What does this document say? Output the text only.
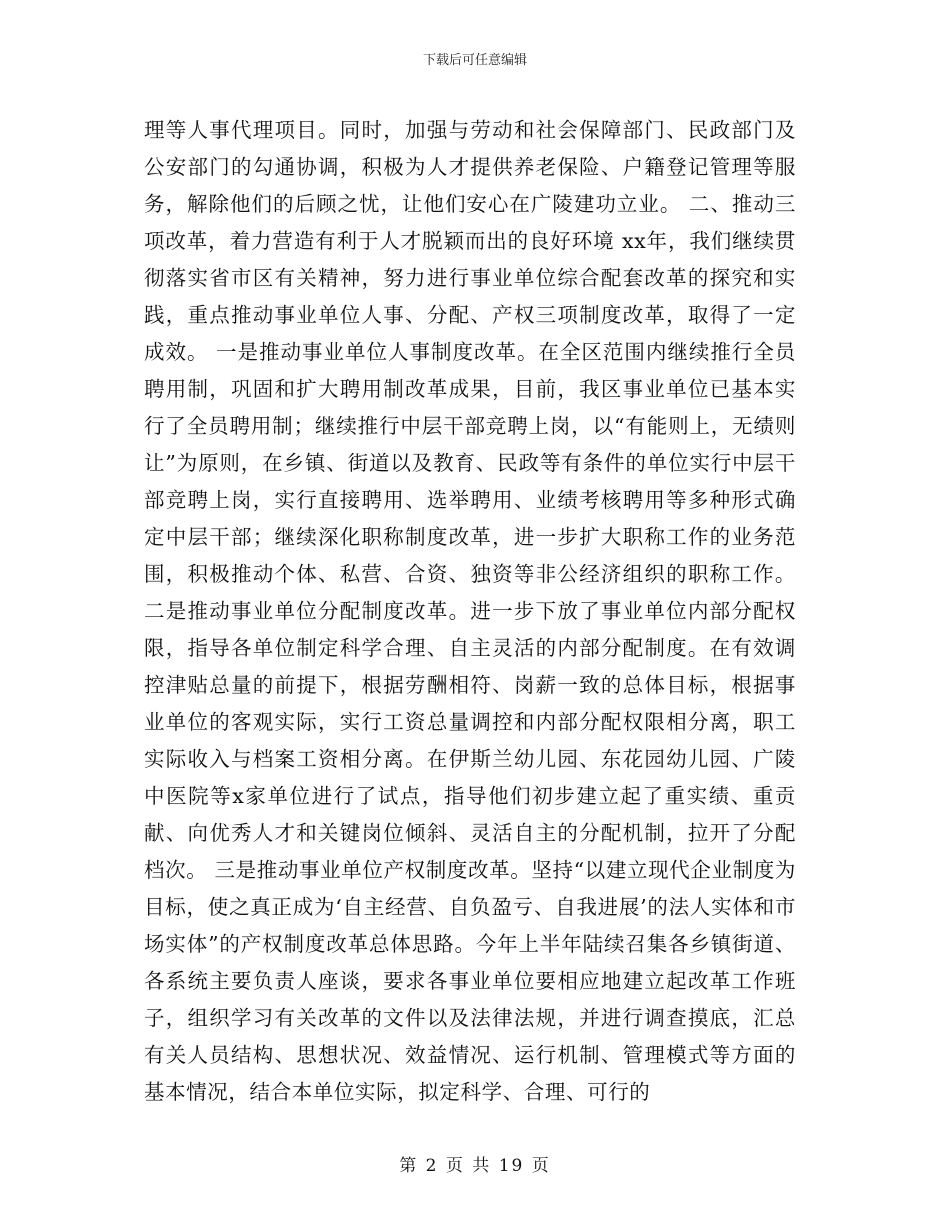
下载后可任意编辑

理等人事代理项目。同时，加强与劳动和社会保障部门、民政部门及公安部门的勾通协调，积极为人才提供养老保险、户籍登记管理等服务，解除他们的后顾之忧，让他们安心在广陵建功立业。 二、推动三项改革，着力营造有利于人才脱颖而出的良好环境 xx年，我们继续贯彻落实省市区有关精神，努力进行事业单位综合配套改革的探究和实践，重点推动事业单位人事、分配、产权三项制度改革，取得了一定成效。 一是推动事业单位人事制度改革。在全区范围内继续推行全员聘用制，巩固和扩大聘用制改革成果，目前，我区事业单位已基本实行了全员聘用制；继续推行中层干部竞聘上岗，以“有能则上，无绩则让”为原则，在乡镇、街道以及教育、民政等有条件的单位实行中层干部竞聘上岗，实行直接聘用、选举聘用、业绩考核聘用等多种形式确定中层干部；继续深化职称制度改革，进一步扩大职称工作的业务范围，积极推动个体、私营、合资、独资等非公经济组织的职称工作。 二是推动事业单位分配制度改革。进一步下放了事业单位内部分配权限，指导各单位制定科学合理、自主灵活的内部分配制度。在有效调控津贴总量的前提下，根据劳酬相符、岗薪一致的总体目标，根据事业单位的客观实际，实行工资总量调控和内部分配权限相分离，职工实际收入与档案工资相分离。在伊斯兰幼儿园、东花园幼儿园、广陵中医院等x家单位进行了试点，指导他们初步建立起了重实绩、重贡献、向优秀人才和关键岗位倾斜、灵活自主的分配机制，拉开了分配档次。 三是推动事业单位产权制度改革。坚持“以建立现代企业制度为目标，使之真正成为‘自主经营、自负盈亏、自我进展’的法人实体和市场实体”的产权制度改革总体思路。今年上半年陆续召集各乡镇街道、各系统主要负责人座谈，要求各事业单位要相应地建立起改革工作班子，组织学习有关改革的文件以及法律法规，并进行调查摸底，汇总有关人员结构、思想状况、效益情况、运行机制、管理模式等方面的基本情况，结合本单位实际，拟定科学、合理、可行的

第 2 页 共 19 页
